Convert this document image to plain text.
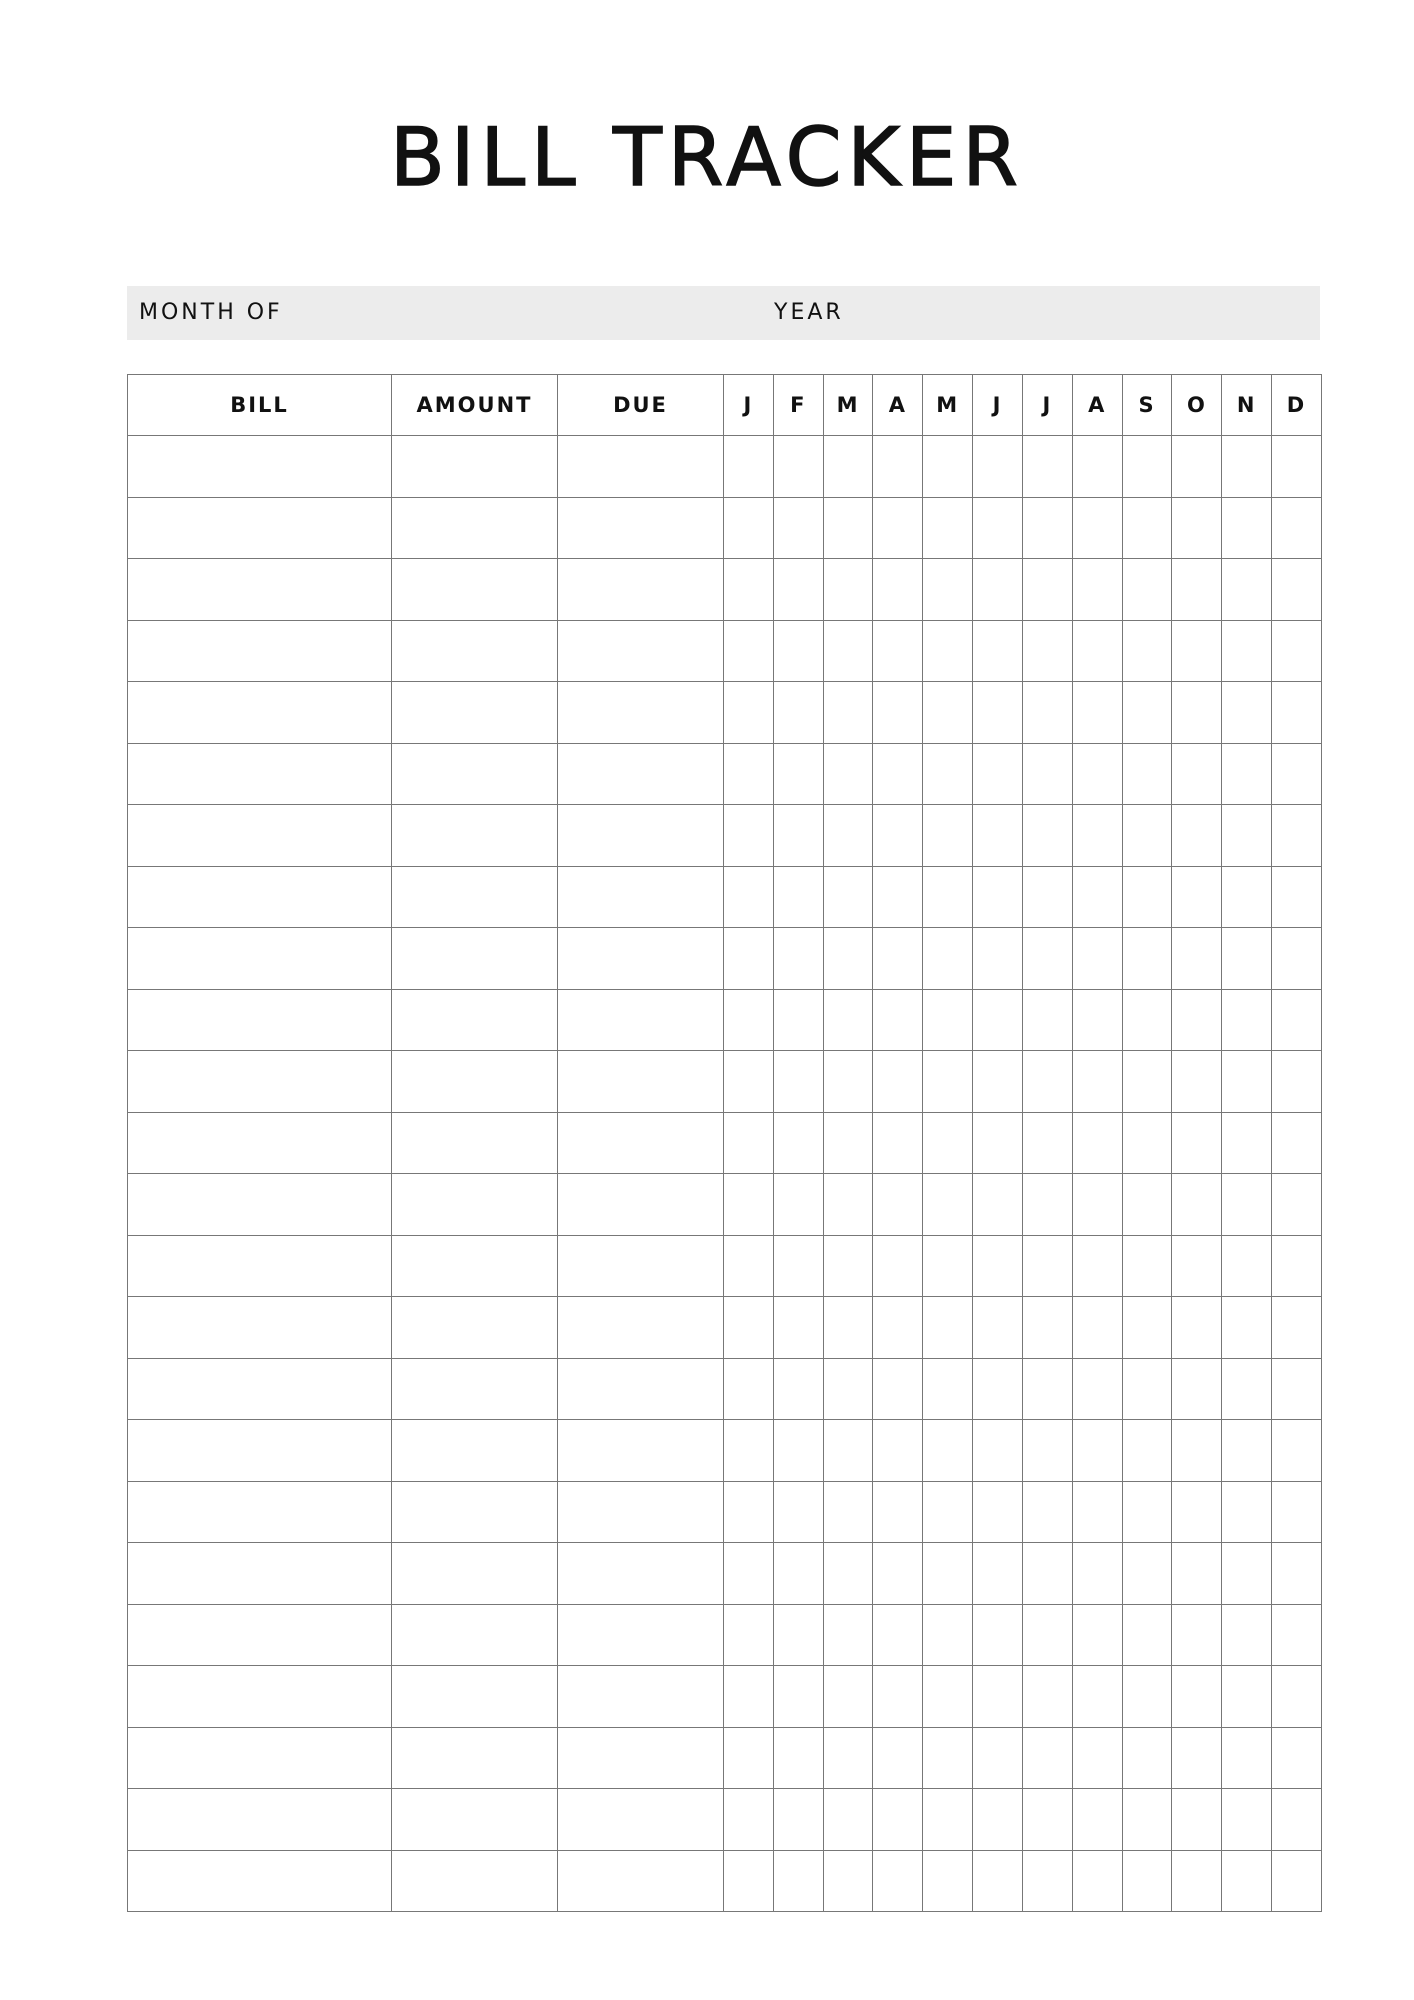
BILL TRACKER
MONTH OF	YEAR
BILL	AMOUNT	DUE	J	F	M	A	M	J	J	A	S	O	N	D
